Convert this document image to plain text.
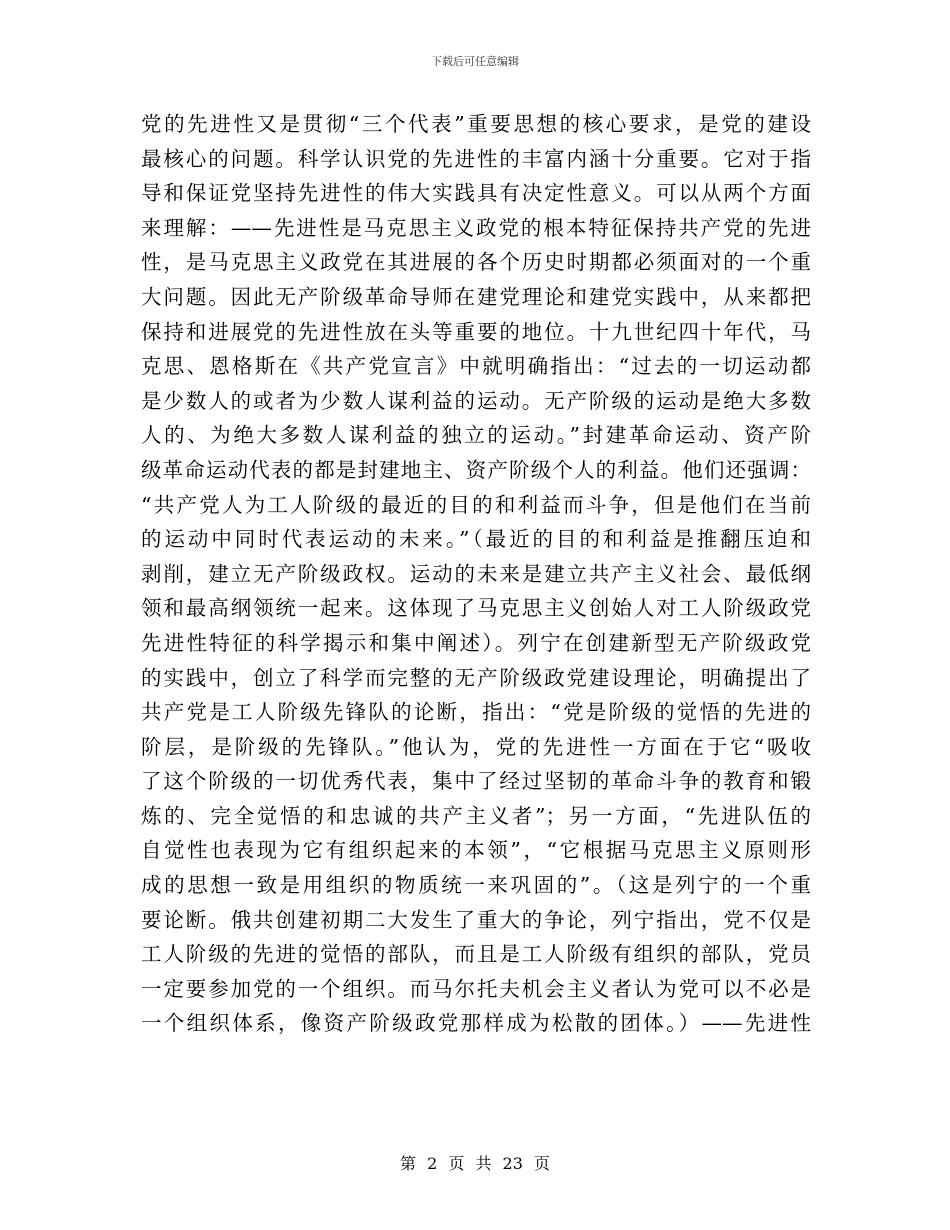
下载后可任意编辑
党的先进性又是贯彻“三个代表”重要思想的核心要求，是党的建设
最核心的问题。科学认识党的先进性的丰富内涵十分重要。它对于指
导和保证党坚持先进性的伟大实践具有决定性意义。可以从两个方面
来理解：——先进性是马克思主义政党的根本特征保持共产党的先进
性，是马克思主义政党在其进展的各个历史时期都必须面对的一个重
大问题。因此无产阶级革命导师在建党理论和建党实践中，从来都把
保持和进展党的先进性放在头等重要的地位。十九世纪四十年代，马
克思、恩格斯在《共产党宣言》中就明确指出：“过去的一切运动都
是少数人的或者为少数人谋利益的运动。无产阶级的运动是绝大多数
人的、为绝大多数人谋利益的独立的运动。”封建革命运动、资产阶
级革命运动代表的都是封建地主、资产阶级个人的利益。他们还强调：
“共产党人为工人阶级的最近的目的和利益而斗争，但是他们在当前
的运动中同时代表运动的未来。”（最近的目的和利益是推翻压迫和
剥削，建立无产阶级政权。运动的未来是建立共产主义社会、最低纲
领和最高纲领统一起来。这体现了马克思主义创始人对工人阶级政党
先进性特征的科学揭示和集中阐述）。列宁在创建新型无产阶级政党
的实践中，创立了科学而完整的无产阶级政党建设理论，明确提出了
共产党是工人阶级先锋队的论断，指出：“党是阶级的觉悟的先进的
阶层，是阶级的先锋队。”他认为，党的先进性一方面在于它“吸收
了这个阶级的一切优秀代表，集中了经过坚韧的革命斗争的教育和锻
炼的、完全觉悟的和忠诚的共产主义者”；另一方面，“先进队伍的
自觉性也表现为它有组织起来的本领”，“它根据马克思主义原则形
成的思想一致是用组织的物质统一来巩固的”。（这是列宁的一个重
要论断。俄共创建初期二大发生了重大的争论，列宁指出，党不仅是
工人阶级的先进的觉悟的部队，而且是工人阶级有组织的部队，党员
一定要参加党的一个组织。而马尔托夫机会主义者认为党可以不必是
一个组织体系，像资产阶级政党那样成为松散的团体。）——先进性
第 2 页 共 23 页
